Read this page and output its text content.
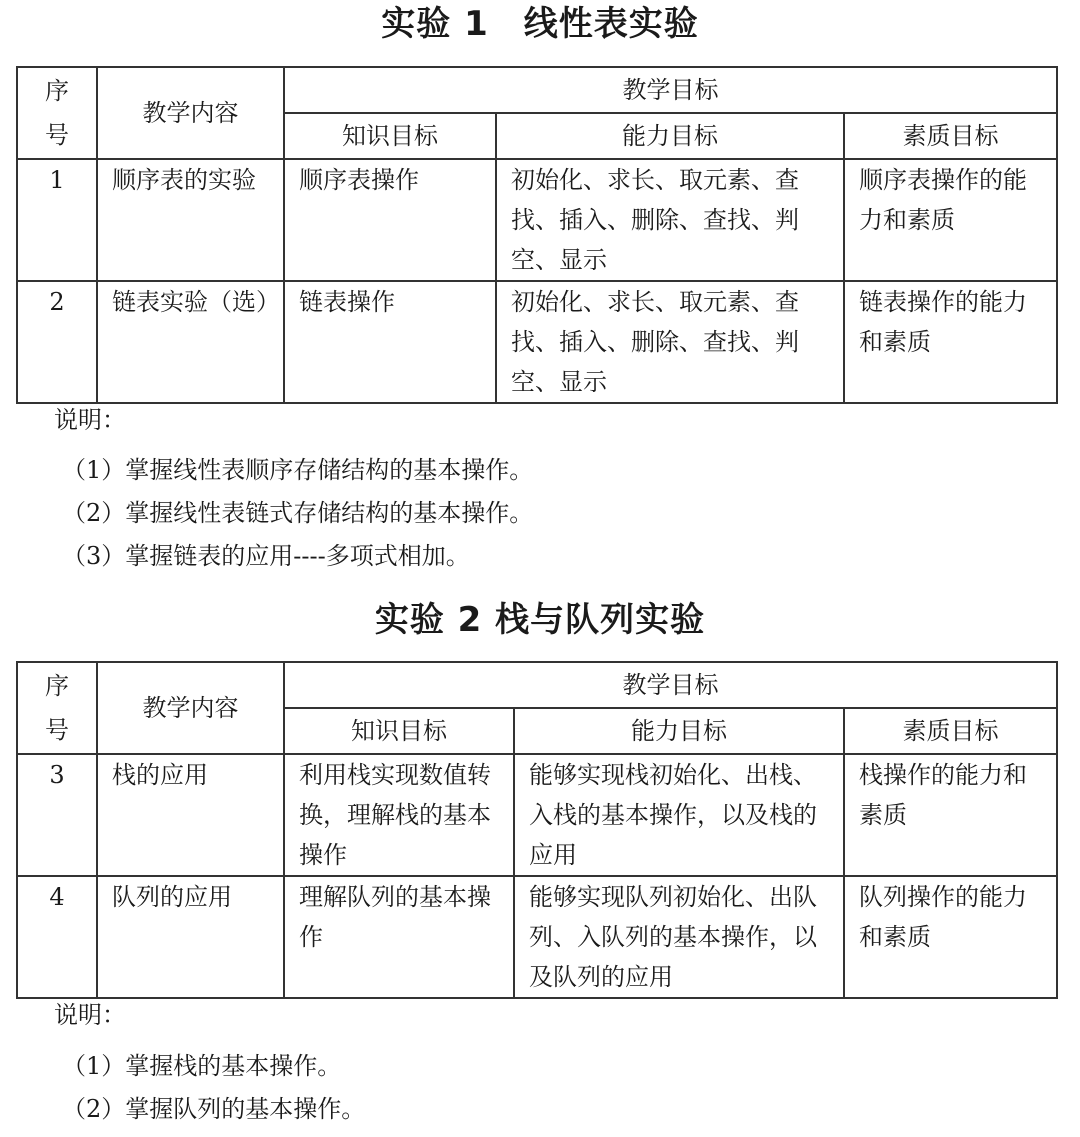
实验 1　线性表实验
序
号	教学内容	教学目标		
		知识目标	能力目标	素质目标
1	顺序表的实验	顺序表操作	初始化、求长、取元素、查找、插入、删除、查找、判空、显示	顺序表操作的能力和素质
2	链表实验（选）	链表操作	初始化、求长、取元素、查找、插入、删除、查找、判空、显示	链表操作的能力和素质
说明：
（1）掌握线性表顺序存储结构的基本操作。
（2）掌握线性表链式存储结构的基本操作。
（3）掌握链表的应用----多项式相加。
实验 2 栈与队列实验
序
号	教学内容	教学目标		
		知识目标	能力目标	素质目标
3	栈的应用	利用栈实现数值转换，理解栈的基本操作	能够实现栈初始化、出栈、入栈的基本操作，以及栈的应用	栈操作的能力和素质
4	队列的应用	理解队列的基本操作	能够实现队列初始化、出队列、入队列的基本操作，以及队列的应用	队列操作的能力和素质
说明：
（1）掌握栈的基本操作。
（2）掌握队列的基本操作。
